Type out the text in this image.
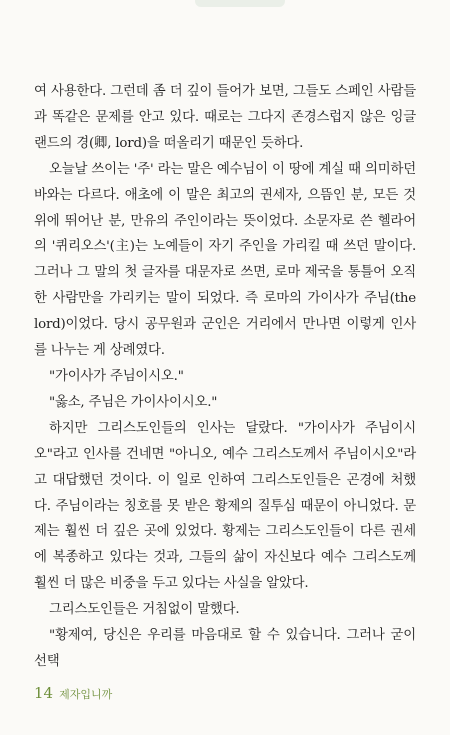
여 사용한다. 그런데 좀 더 깊이 들어가 보면, 그들도 스페인 사람들과 똑같은 문제를 안고 있다. 때로는 그다지 존경스럽지 않은 잉글랜드의 경(卿, lord)을 떠올리기 때문인 듯하다.

오늘날 쓰이는 '주' 라는 말은 예수님이 이 땅에 계실 때 의미하던 바와는 다르다. 애초에 이 말은 최고의 권세자, 으뜸인 분, 모든 것 위에 뛰어난 분, 만유의 주인이라는 뜻이었다. 소문자로 쓴 헬라어의 '퀴리오스'(主)는 노예들이 자기 주인을 가리킬 때 쓰던 말이다. 그러나 그 말의 첫 글자를 대문자로 쓰면, 로마 제국을 통틀어 오직 한 사람만을 가리키는 말이 되었다. 즉 로마의 가이사가 주님(the lord)이었다. 당시 공무원과 군인은 거리에서 만나면 이렇게 인사를 나누는 게 상례였다.

"가이사가 주님이시오."

"옳소, 주님은 가이사이시오."

하지만 그리스도인들의 인사는 달랐다. "가이사가 주님이시오"라고 인사를 건네면 "아니오, 예수 그리스도께서 주님이시오"라고 대답했던 것이다. 이 일로 인하여 그리스도인들은 곤경에 처했다. 주님이라는 칭호를 못 받은 황제의 질투심 때문이 아니었다. 문제는 훨씬 더 깊은 곳에 있었다. 황제는 그리스도인들이 다른 권세에 복종하고 있다는 것과, 그들의 삶이 자신보다 예수 그리스도께 훨씬 더 많은 비중을 두고 있다는 사실을 알았다.

그리스도인들은 거침없이 말했다.

"황제여, 당신은 우리를 마음대로 할 수 있습니다. 그러나 굳이 선택

14 제자입니까
